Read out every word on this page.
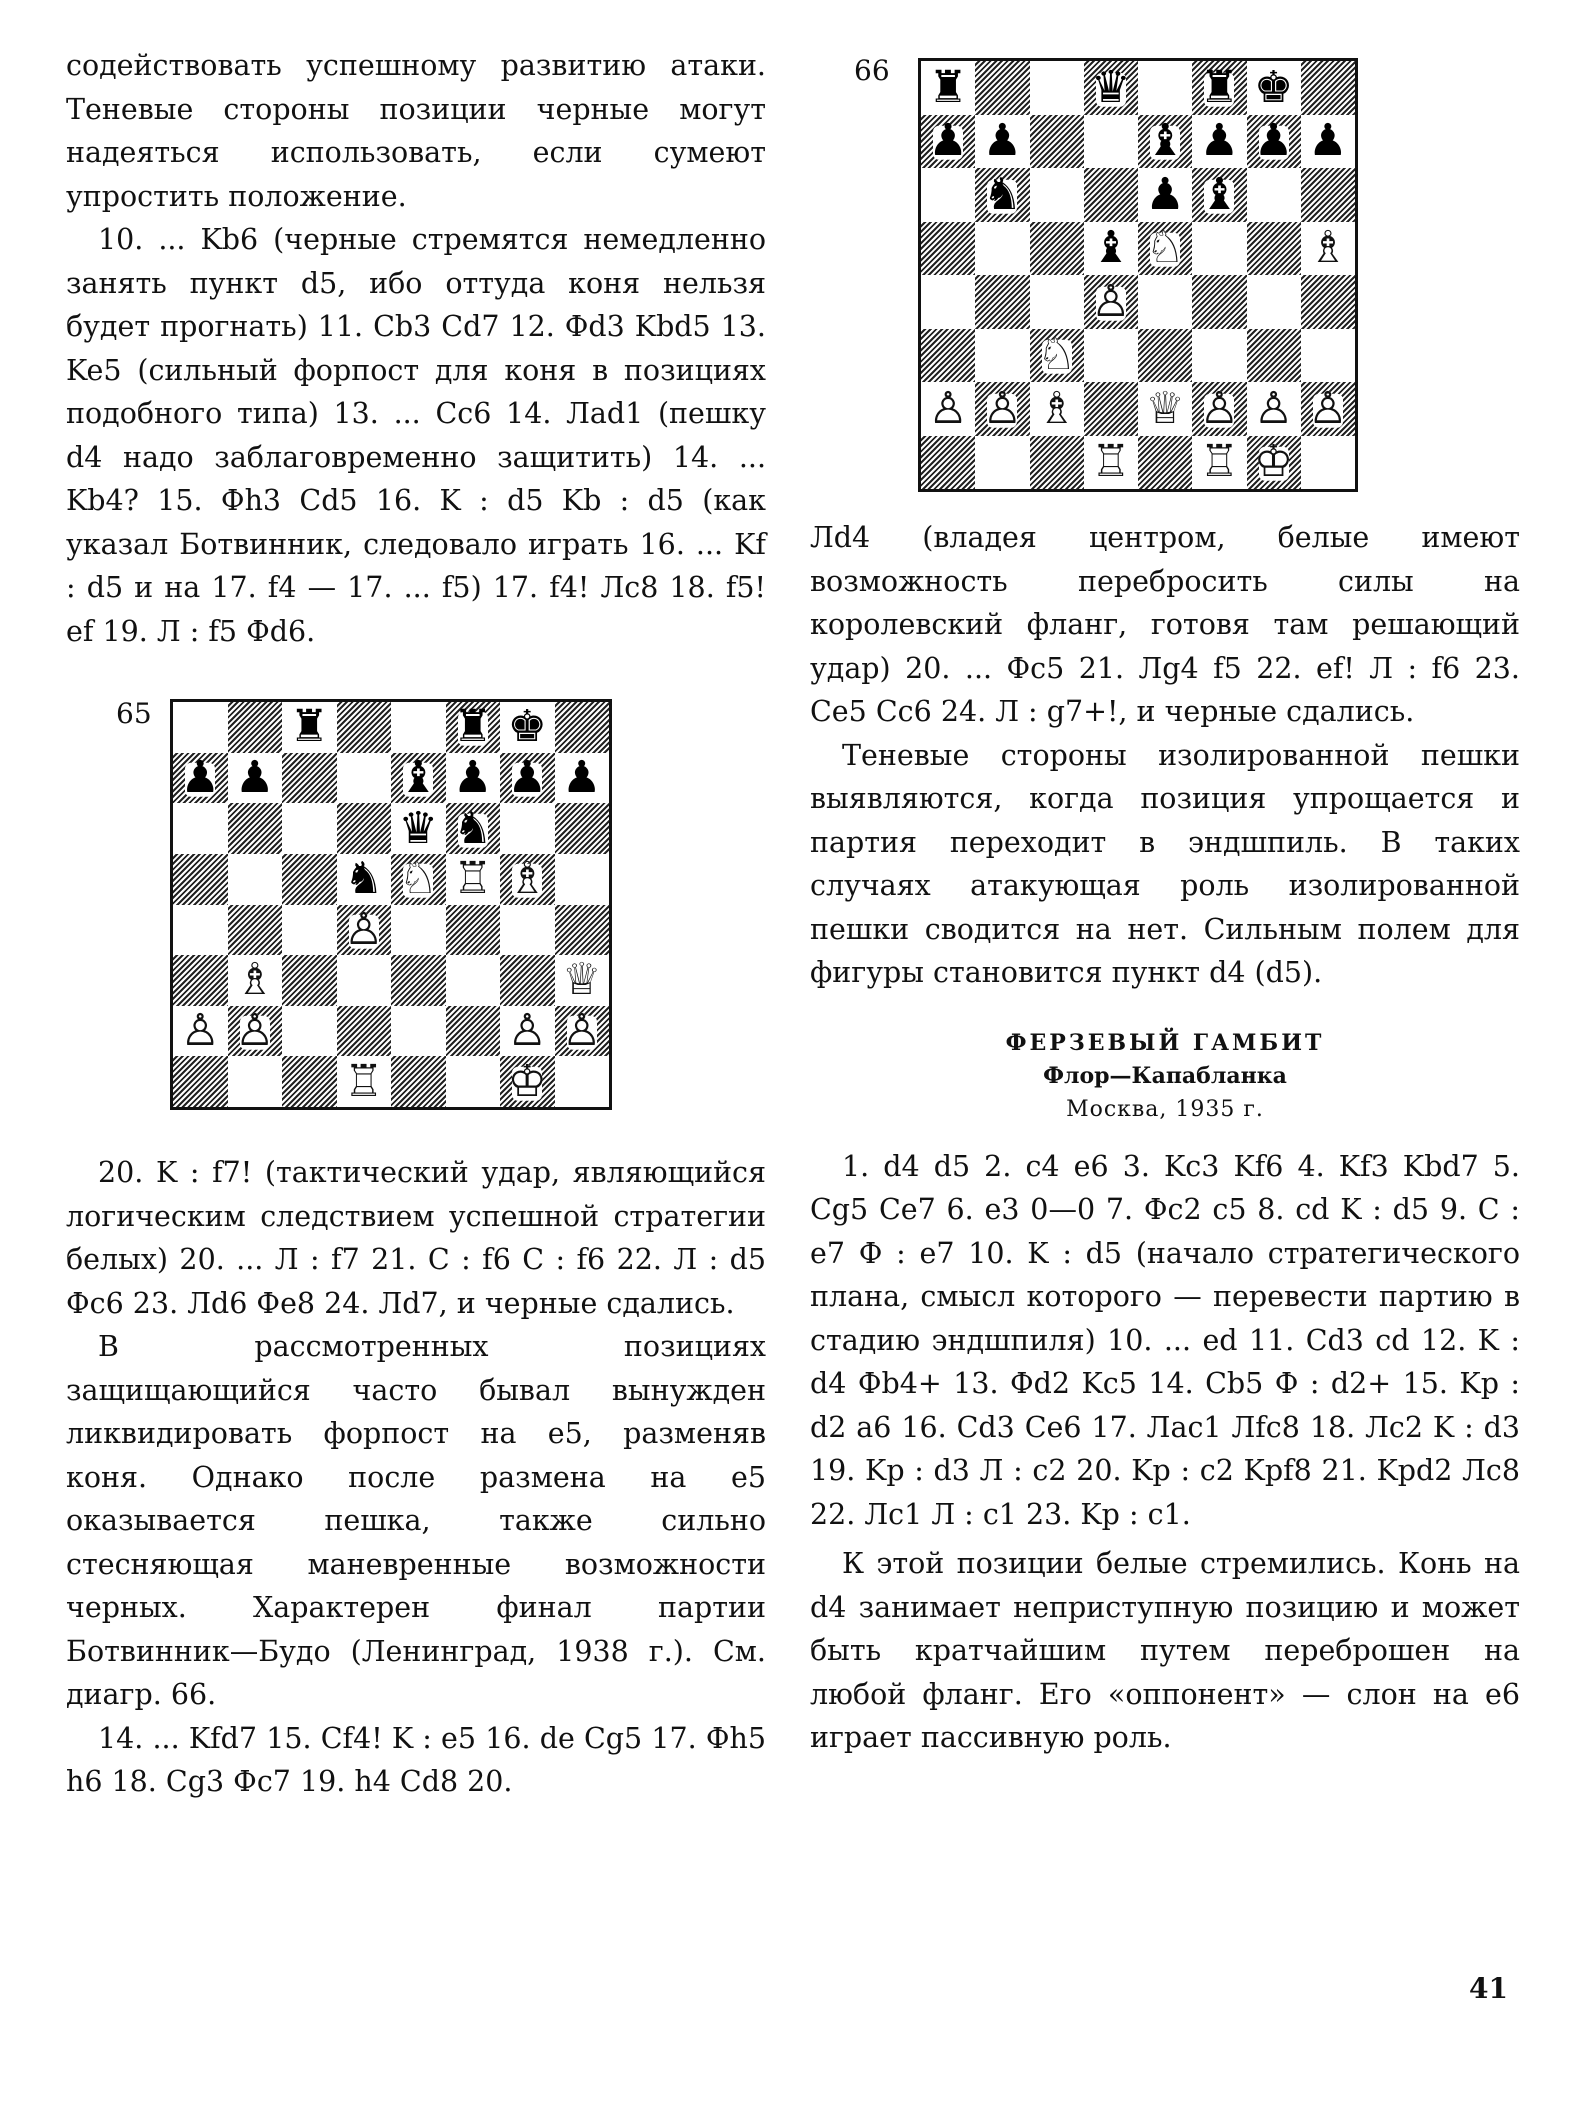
содействовать успешному развитию атаки. Теневые стороны позиции черные могут надеяться использовать, если сумеют упростить положение.

10. ... Kb6 (черные стремятся немедленно занять пункт d5, ибо оттуда коня нельзя будет прогнать) 11. Cb3 Cd7 12. Фd3 Kbd5 13. Ke5 (сильный форпост для коня в позициях подобного типа) 13. ... Cc6 14. Лad1 (пешку d4 надо заблаговременно защитить) 14. ... Kb4? 15. Фh3 Cd5 16. K : d5 Kb : d5 (как указал Ботвинник, следовало играть 16. ... Kf : d5 и на 17. f4 — 17. ... f5) 17. f4! Лc8 18. f5! ef 19. Л : f5 Фd6.

65	♜	♜ ♚
♟ ♟	♝ ♟ ♟ ♟
♛ ♞
♞ ♘ ♖ ♗
♙
♗	♕
♙ ♙	♙ ♙
♖	♔

20. K : f7! (тактический удар, являющийся логическим следствием успешной стратегии белых) 20. ... Л : f7 21. C : f6 C : f6 22. Л : d5 Фc6 23. Лd6 Фe8 24. Лd7, и черные сдались.

В рассмотренных позициях защищающийся часто бывал вынужден ликвидировать форпост на e5, разменяв коня. Однако после размена на e5 оказывается пешка, также сильно стесняющая маневренные возможности черных. Характерен финал партии Ботвинник—Будо (Ленинград, 1938 г.). См. диагр. 66.

14. ... Kfd7 15. Cf4! K : e5 16. de Cg5 17. Фh5 h6 18. Cg3 Фc7 19. h4 Cd8 20.

66 ♜	♛ ♜ ♚
♟ ♟	♝ ♟ ♟ ♟
♞	♟ ♝
♝ ♘	♗
♙
♘
♙ ♙ ♗ ♕ ♙ ♙ ♙
♖ ♖ ♔

Лd4 (владея центром, белые имеют возможность перебросить силы на королевский фланг, готовя там решающий удар) 20. ... Фc5 21. Лg4 f5 22. ef! Л : f6 23. Ce5 Cc6 24. Л : g7+!, и черные сдались.

Теневые стороны изолированной пешки выявляются, когда позиция упрощается и партия переходит в эндшпиль. В таких случаях атакующая роль изолированной пешки сводится на нет. Сильным полем для фигуры становится пункт d4 (d5).

ФЕРЗЕВЫЙ ГАМБИТ

Флор—Капабланка

Москва, 1935 г.

1. d4 d5 2. c4 e6 3. Kc3 Kf6 4. Kf3 Kbd7 5. Cg5 Ce7 6. e3 0—0 7. Фc2 c5 8. cd K : d5 9. C : e7 Ф : e7 10. K : d5 (начало стратегического плана, смысл которого — перевести партию в стадию эндшпиля) 10. ... ed 11. Cd3 cd 12. K : d4 Фb4+ 13. Фd2 Kc5 14. Cb5 Ф : d2+ 15. Kp : d2 a6 16. Cd3 Ce6 17. Лac1 Лfc8 18. Лc2 K : d3 19. Kp : d3 Л : c2 20. Kp : c2 Kpf8 21. Kpd2 Лc8 22. Лc1 Л : c1 23. Kp : c1.

К этой позиции белые стремились. Конь на d4 занимает неприступную позицию и может быть кратчайшим путем переброшен на любой фланг. Его «оппонент» — слон на e6 играет пассивную роль.

41
